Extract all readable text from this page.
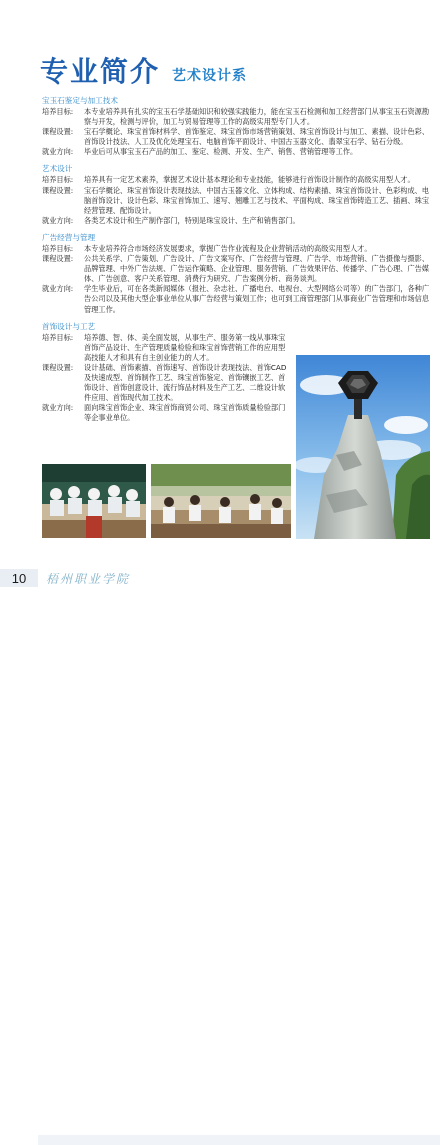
专业简介 艺术设计系
宝玉石鉴定与加工技术
培养目标:	本专业培养具有扎实的宝玉石学基础知识和较强实践能力，能在宝玉石检测和加工经营部门从事宝玉石资源勘察与开发，检测与评价，加工与贸易管理等工作的高级实用型专门人才。
课程设置:	宝石学概论、珠宝首饰材料学、首饰鉴定、珠宝首饰市场营销策划、珠宝首饰设计与加工、素描、设计色彩、首饰设计技法、人工及优化处理宝石、电脑首饰平面设计、中国古玉器文化、翡翠宝石学、钻石分级。
就业方向:	毕业后可从事宝玉石产品的加工、鉴定、检测、开发、生产、销售、营销管理等工作。
艺术设计
培养目标:	培养具有一定艺术素养，掌握艺术设计基本理论和专业技能，能够进行首饰设计制作的高级实用型人才。
课程设置:	宝石学概论、珠宝首饰设计表现技法、中国古玉器文化、立体构成、结构素描、珠宝首饰设计、色彩构成、电脑首饰设计、设计色彩、珠宝首饰加工、速写、翘雕工艺与技术、平面构成、珠宝首饰铸造工艺、插画、珠宝经营管理、配饰设计。
就业方向:	各类艺术设计和生产制作部门，特别是珠宝设计、生产和销售部门。
广告经营与管理
培养目标:	本专业培养符合市场经济发展要求，掌握广告作业流程及企业营销活动的高级实用型人才。
课程设置:	公共关系学、广告策划、广告设计、广告文案写作、广告经营与管理、广告学、市场营销、广告摄像与摄影、品牌管理、中外广告法规、广告运作策略、企业管理、服务营销、广告效果评估、传播学、广告心理、广告媒体、广告创意、客户关系管理、消费行为研究、广告案例分析、商务谈判。
就业方向:	学生毕业后，可在各类新闻媒体（报社、杂志社、广播电台、电视台、大型网络公司等）的广告部门，各种广告公司以及其他大型企事业单位从事广告经营与策划工作；也可到工商管理部门从事商业广告管理和市场信息管理工作。
首饰设计与工艺
培养目标:	培养德、智、体、美全面发展，从事生产、服务第一线从事珠宝首饰产品设计、生产管理质量检验和珠宝首饰营销工作的应用型高技能人才和具有自主创业能力的人才。
课程设置:	设计基础、首饰素描、首饰速写、首饰设计表现技法、首饰CAD及快速成型、首饰制作工艺、珠宝首饰鉴定、首饰镶嵌工艺、首饰设计、首饰创意设计、流行饰品材料及生产工艺、二维设计软件应用、首饰现代加工技术。
就业方向:	面向珠宝首饰企业、珠宝首饰商贸公司、珠宝首饰质量检验部门等企事业单位。
10	梧州职业学院
